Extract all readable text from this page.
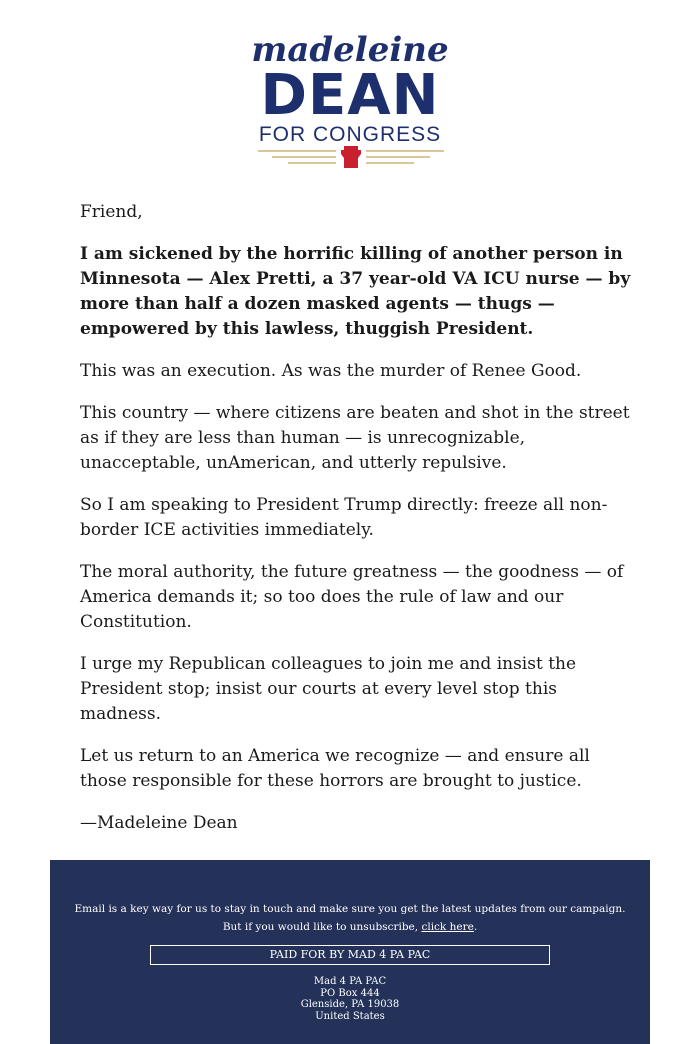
madeleine
DEAN
FOR CONGRESS

Friend,

I am sickened by the horrific killing of another person in Minnesota — Alex Pretti, a 37 year-old VA ICU nurse — by more than half a dozen masked agents — thugs — empowered by this lawless, thuggish President.

This was an execution. As was the murder of Renee Good.

This country — where citizens are beaten and shot in the street as if they are less than human — is unrecognizable, unacceptable, unAmerican, and utterly repulsive.

So I am speaking to President Trump directly: freeze all non-border ICE activities immediately.

The moral authority, the future greatness — the goodness — of America demands it; so too does the rule of law and our Constitution.

I urge my Republican colleagues to join me and insist the President stop; insist our courts at every level stop this madness.

Let us return to an America we recognize — and ensure all those responsible for these horrors are brought to justice.

—Madeleine Dean

Email is a key way for us to stay in touch and make sure you get the latest updates from our campaign.
But if you would like to unsubscribe, click here.
PAID FOR BY MAD 4 PA PAC
Mad 4 PA PAC
PO Box 444
Glenside, PA 19038
United States
